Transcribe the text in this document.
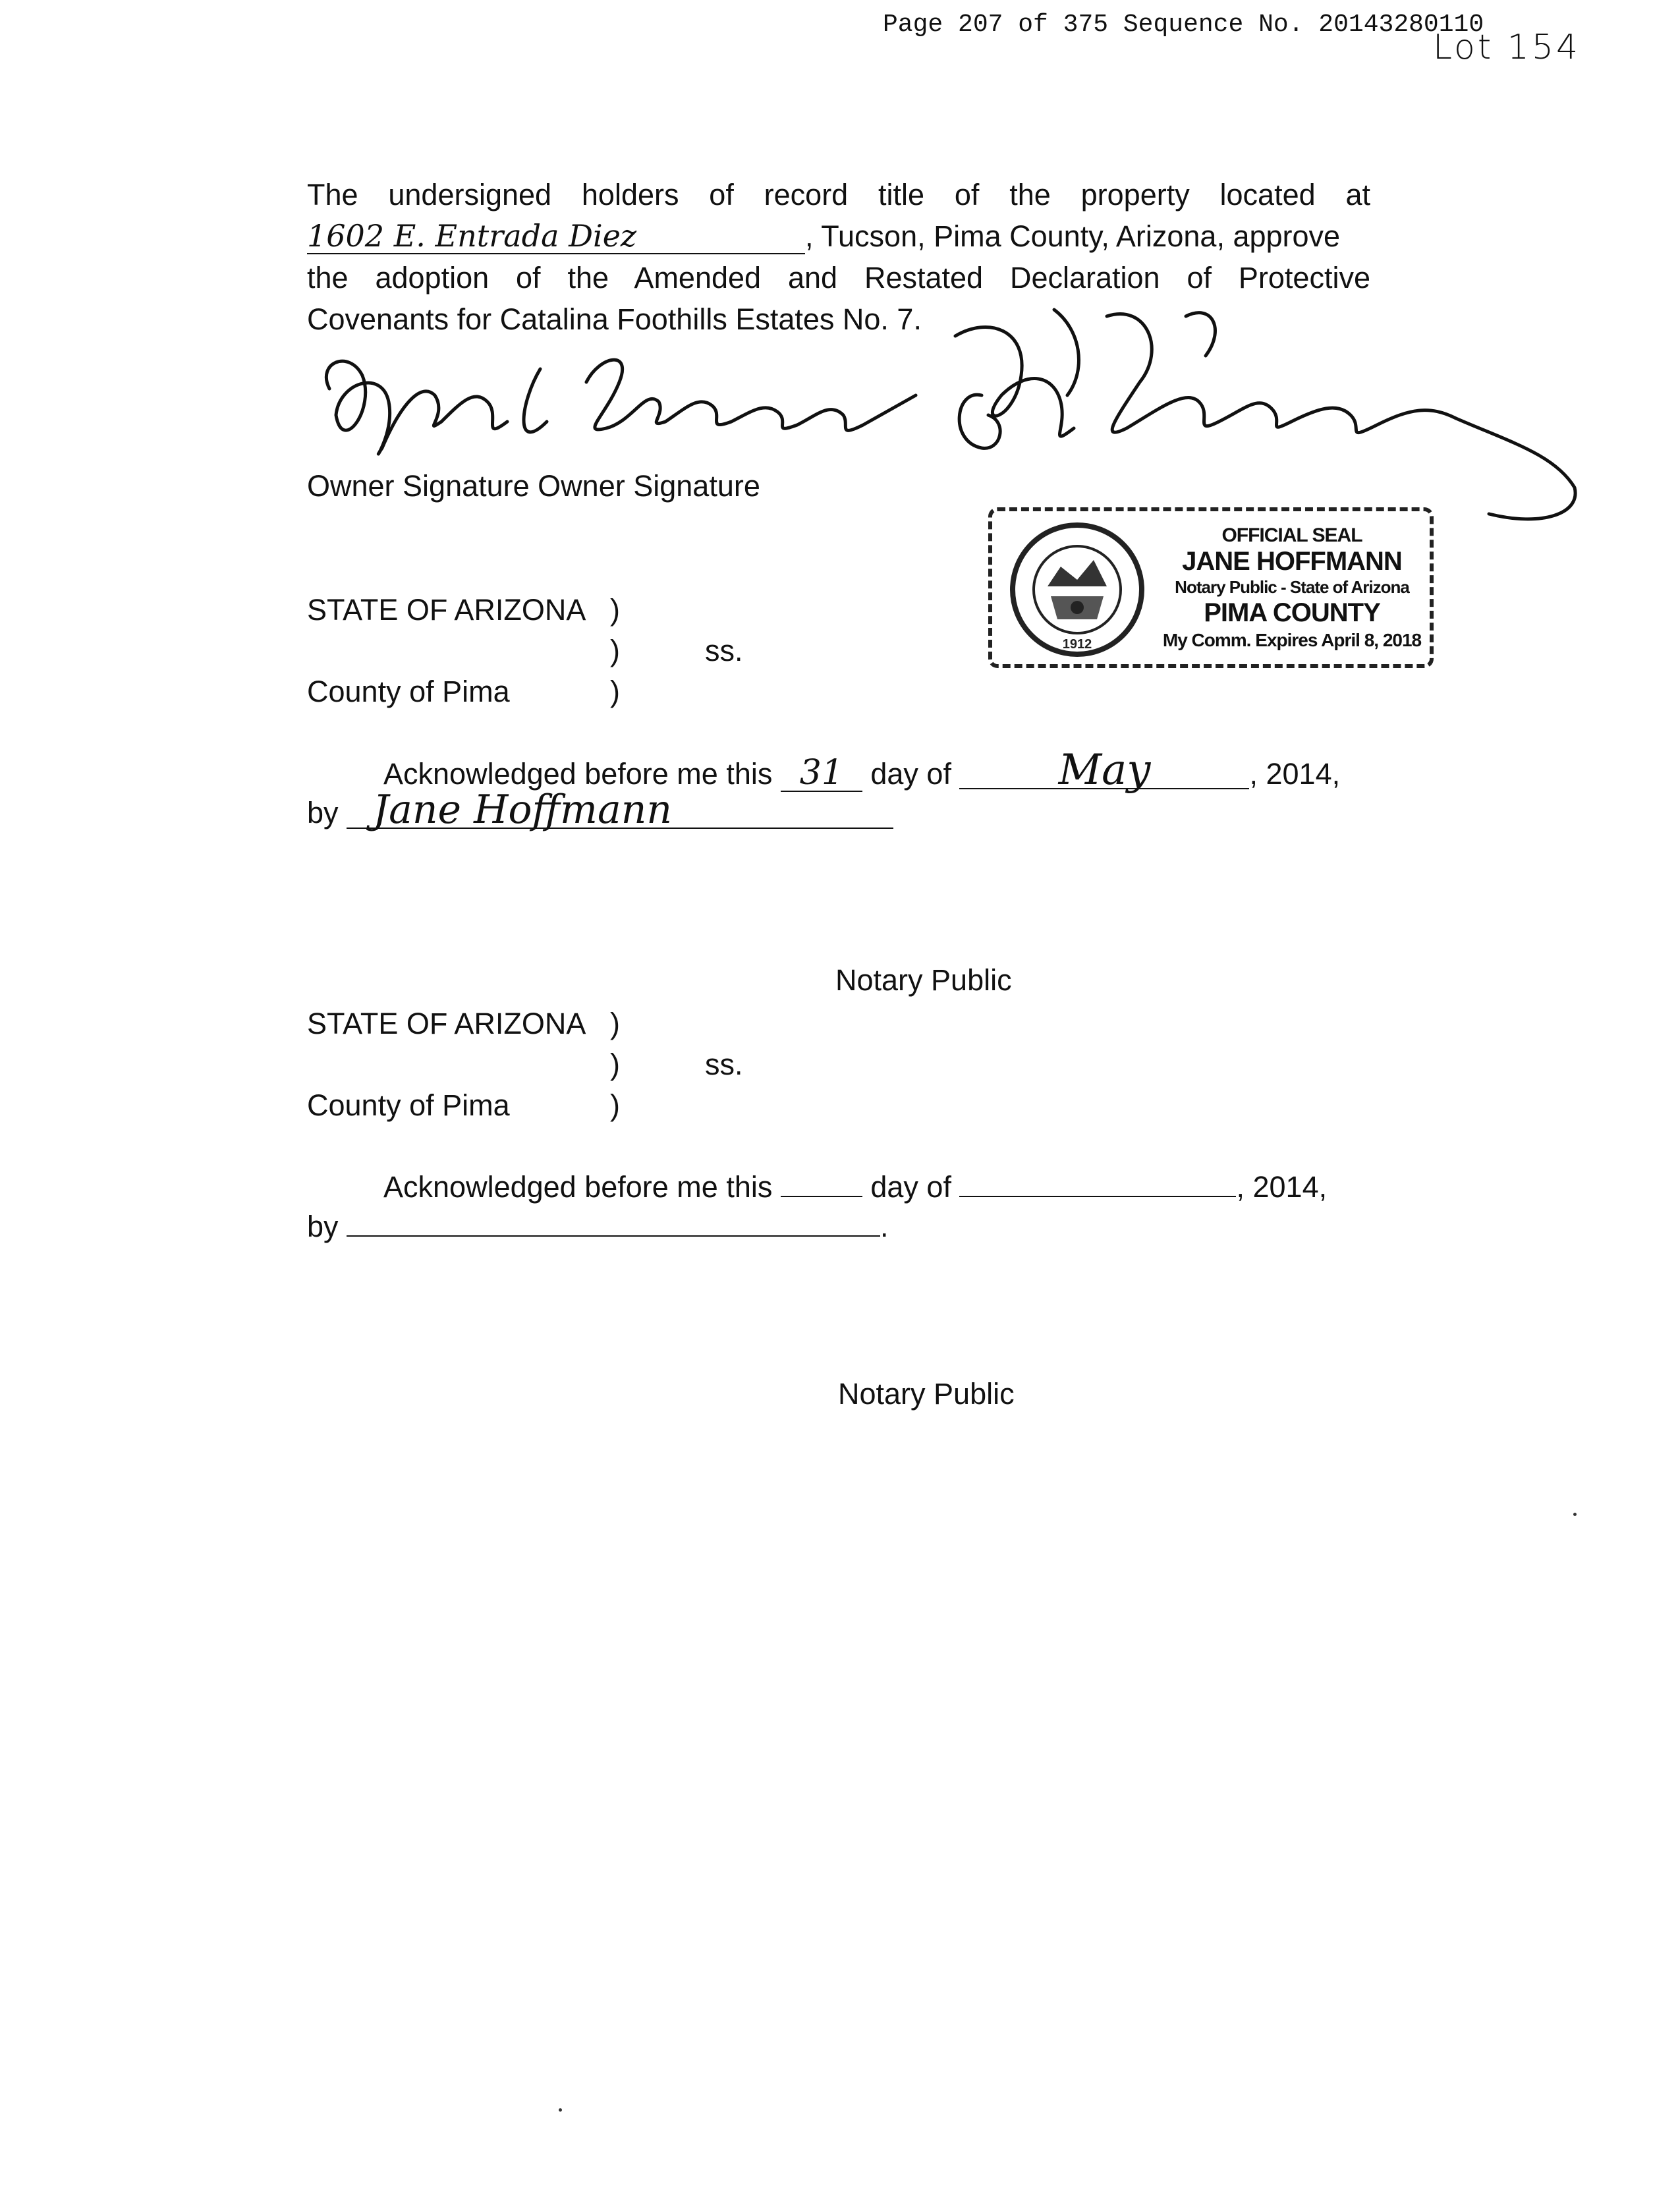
Page 207 of 375 Sequence No. 20143280110
Lot 154
The undersigned holders of record title of the property located at
1602 E. Entrada Diez	, Tucson, Pima County, Arizona, approve
the adoption of the Amended and Restated Declaration of Protective
Covenants for Catalina Foothills Estates No. 7.
Owner Signature Owner Signature
1912
OFFICIAL SEAL
JANE HOFFMANN
Notary Public - State of Arizona
PIMA COUNTY
My Comm. Expires April 8, 2018
STATE OF ARIZONA )
)	ss.
County of Pima	)
Acknowledged before me this 31 day of	May	, 2014,
by Jane Hoffmann
Notary Public
STATE OF ARIZONA )
)	ss.
County of Pima	)
Acknowledged before me this	day of	, 2014,
by	.
Notary Public
